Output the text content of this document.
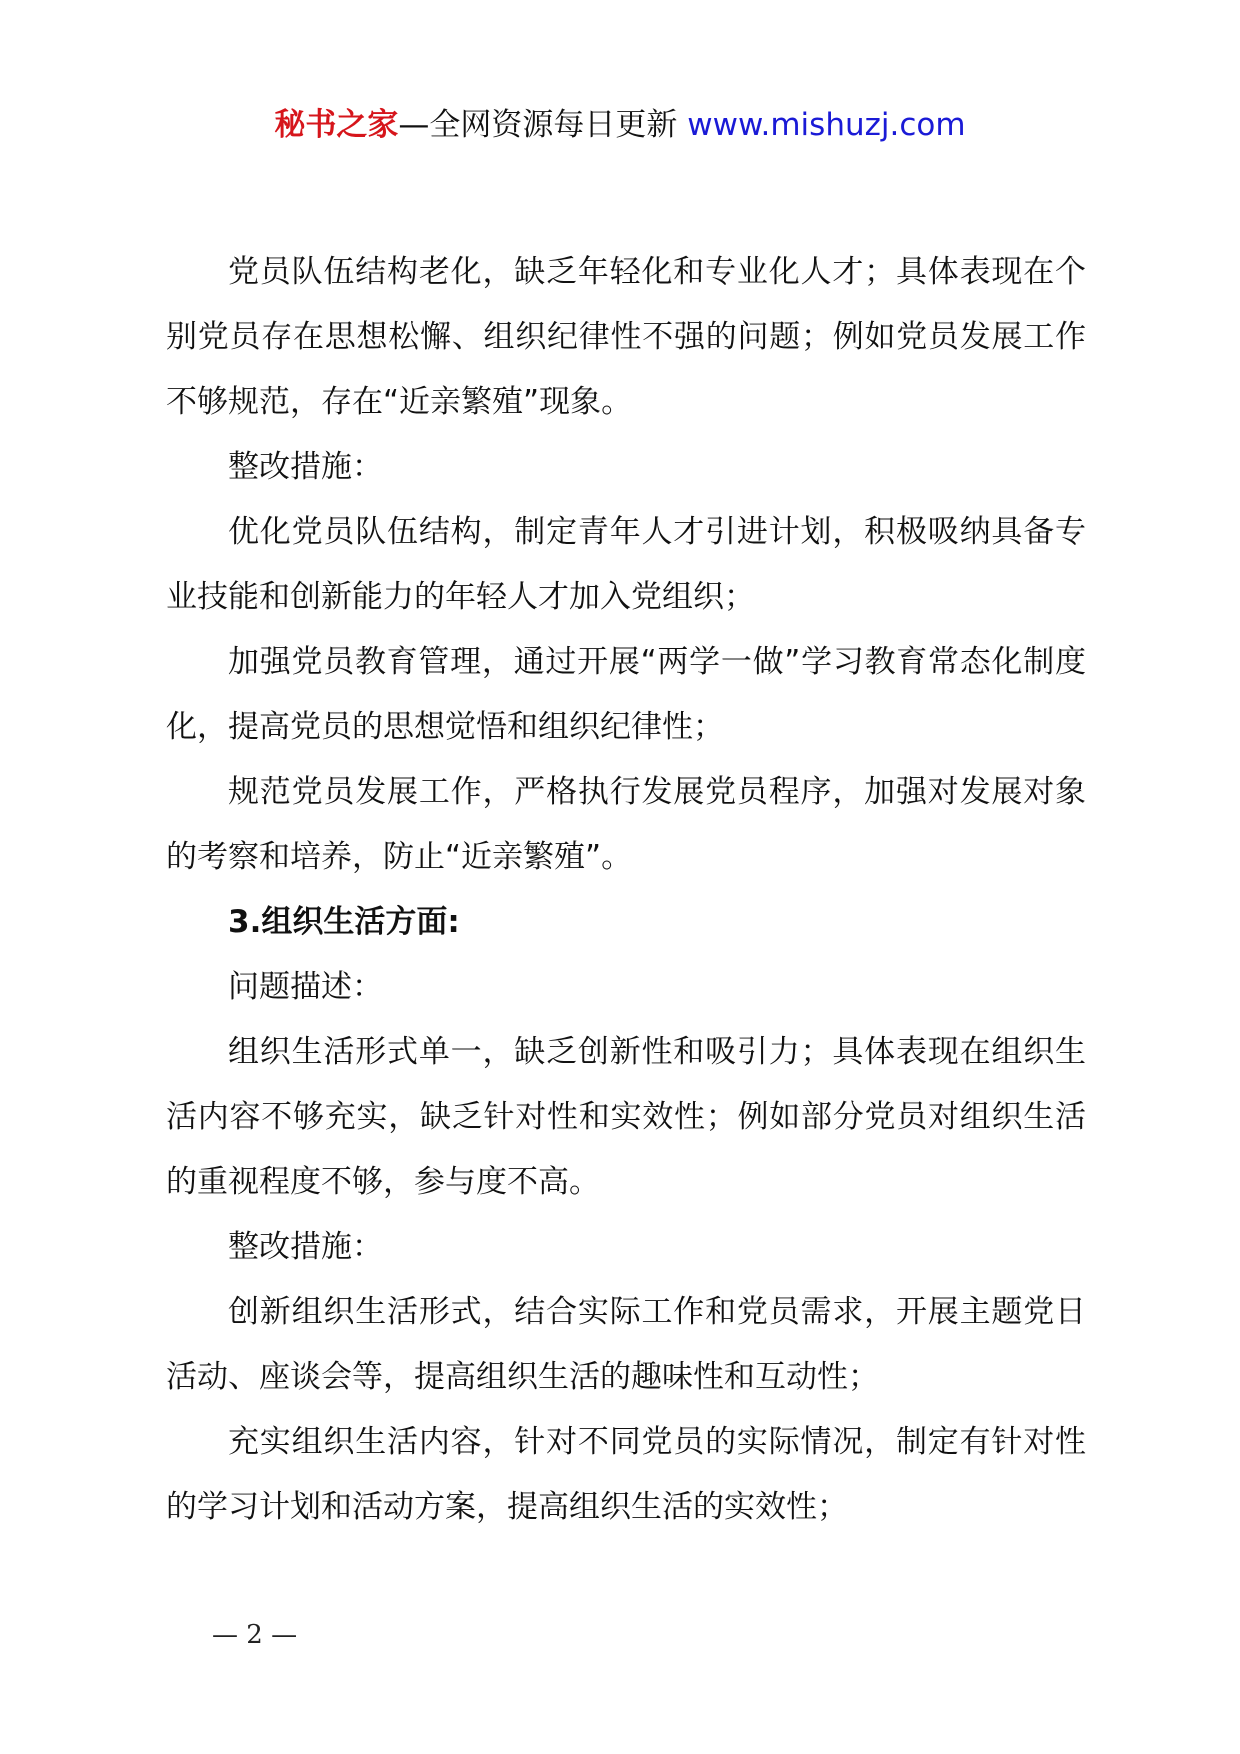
秘书之家—全网资源每日更新 www.mishuzj.com

党员队伍结构老化，缺乏年轻化和专业化人才；具体表现在个别党员存在思想松懈、组织纪律性不强的问题；例如党员发展工作不够规范，存在“近亲繁殖”现象。

整改措施：

优化党员队伍结构，制定青年人才引进计划，积极吸纳具备专业技能和创新能力的年轻人才加入党组织；

加强党员教育管理，通过开展“两学一做”学习教育常态化制度化，提高党员的思想觉悟和组织纪律性；

规范党员发展工作，严格执行发展党员程序，加强对发展对象的考察和培养，防止“近亲繁殖”。

3.组织生活方面:

问题描述：

组织生活形式单一，缺乏创新性和吸引力；具体表现在组织生活内容不够充实，缺乏针对性和实效性；例如部分党员对组织生活的重视程度不够，参与度不高。

整改措施：

创新组织生活形式，结合实际工作和党员需求，开展主题党日活动、座谈会等，提高组织生活的趣味性和互动性；

充实组织生活内容，针对不同党员的实际情况，制定有针对性的学习计划和活动方案，提高组织生活的实效性；

— 2 —
